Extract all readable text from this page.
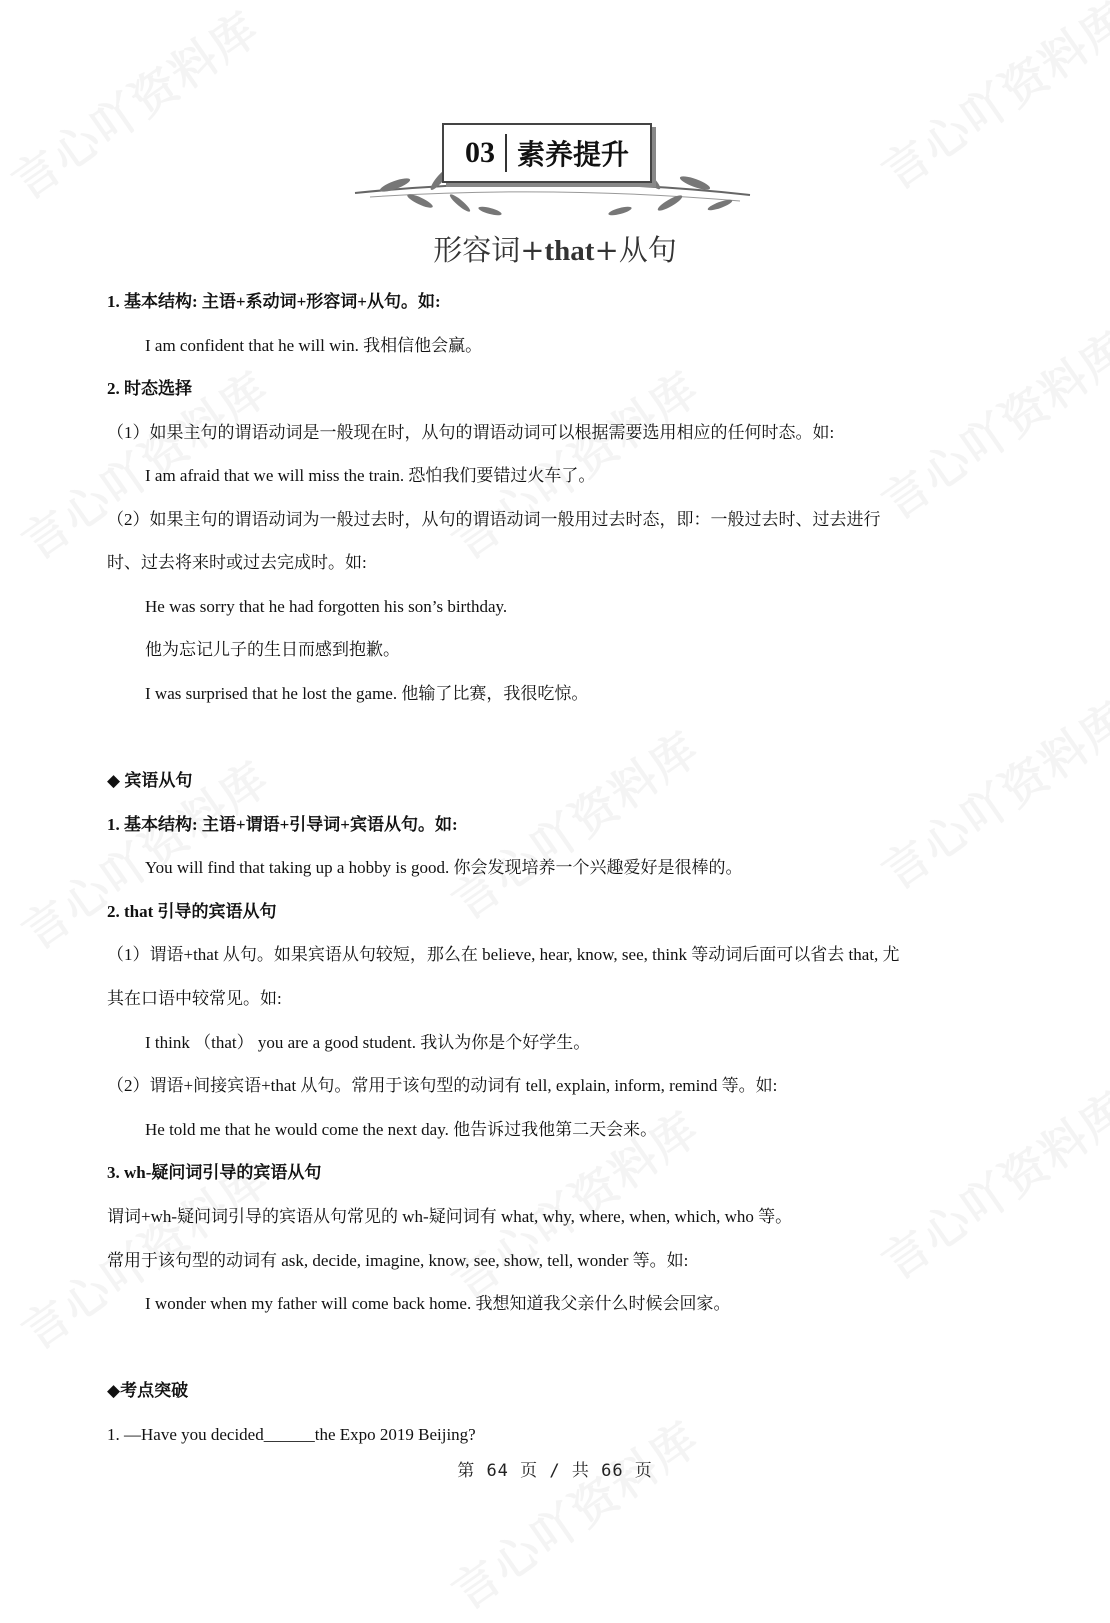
03 素养提升
形容词+that+从句
1. 基本结构: 主语+系动词+形容词+从句。如:
I am confident that he will win. 我相信他会赢。
2. 时态选择
（1）如果主句的谓语动词是一般现在时，从句的谓语动词可以根据需要选用相应的任何时态。如:
I am afraid that we will miss the train. 恐怕我们要错过火车了。
（2）如果主句的谓语动词为一般过去时，从句的谓语动词一般用过去时态，即：一般过去时、过去进行
时、过去将来时或过去完成时。如:
He was sorry that he had forgotten his son’s birthday.
他为忘记儿子的生日而感到抱歉。
I was surprised that he lost the game. 他输了比赛，我很吃惊。
◆ 宾语从句
1. 基本结构: 主语+谓语+引导词+宾语从句。如:
You will find that taking up a hobby is good. 你会发现培养一个兴趣爱好是很棒的。
2. that 引导的宾语从句
（1）谓语+that 从句。如果宾语从句较短，那么在 believe, hear, know, see, think 等动词后面可以省去 that, 尤
其在口语中较常见。如:
I think （that） you are a good student. 我认为你是个好学生。
（2）谓语+间接宾语+that 从句。常用于该句型的动词有 tell, explain, inform, remind 等。如:
He told me that he would come the next day. 他告诉过我他第二天会来。
3. wh-疑问词引导的宾语从句
谓词+wh-疑问词引导的宾语从句常见的 wh-疑问词有 what, why, where, when, which, who 等。
常用于该句型的动词有 ask, decide, imagine, know, see, show, tell, wonder 等。如:
I wonder when my father will come back home. 我想知道我父亲什么时候会回家。
◆考点突破
1. —Have you decided______the Expo 2019 Beijing?
第 64 页 / 共 66 页
